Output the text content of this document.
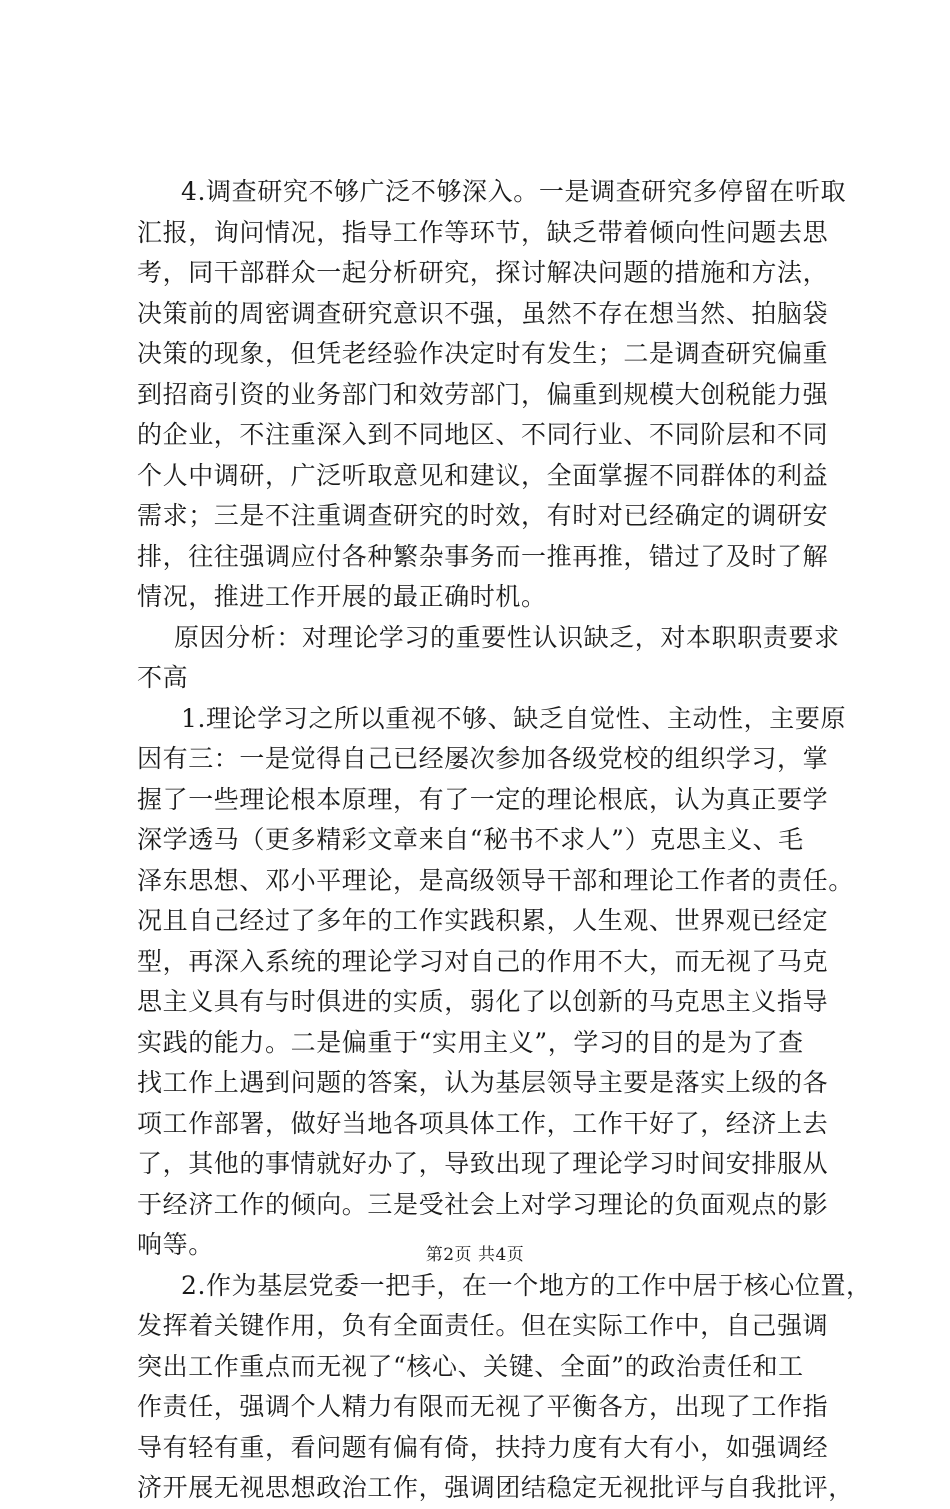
4.调查研究不够广泛不够深入。一是调查研究多停留在听取
汇报，询问情况，指导工作等环节，缺乏带着倾向性问题去思
考，同干部群众一起分析研究，探讨解决问题的措施和方法，
决策前的周密调查研究意识不强，虽然不存在想当然、拍脑袋
决策的现象，但凭老经验作决定时有发生；二是调查研究偏重
到招商引资的业务部门和效劳部门，偏重到规模大创税能力强
的企业，不注重深入到不同地区、不同行业、不同阶层和不同
个人中调研，广泛听取意见和建议，全面掌握不同群体的利益
需求；三是不注重调查研究的时效，有时对已经确定的调研安
排，往往强调应付各种繁杂事务而一推再推，错过了及时了解
情况，推进工作开展的最正确时机。
原因分析：对理论学习的重要性认识缺乏，对本职职责要求
不高
1.理论学习之所以重视不够、缺乏自觉性、主动性，主要原
因有三：一是觉得自己已经屡次参加各级党校的组织学习，掌
握了一些理论根本原理，有了一定的理论根底，认为真正要学
深学透马（更多精彩文章来自“秘书不求人”）克思主义、毛
泽东思想、邓小平理论，是高级领导干部和理论工作者的责任。
况且自己经过了多年的工作实践积累，人生观、世界观已经定
型，再深入系统的理论学习对自己的作用不大，而无视了马克
思主义具有与时俱进的实质，弱化了以创新的马克思主义指导
实践的能力。二是偏重于“实用主义”，学习的目的是为了查
找工作上遇到问题的答案，认为基层领导主要是落实上级的各
项工作部署，做好当地各项具体工作，工作干好了，经济上去
了，其他的事情就好办了，导致出现了理论学习时间安排服从
于经济工作的倾向。三是受社会上对学习理论的负面观点的影
响等。
2.作为基层党委一把手，在一个地方的工作中居于核心位置，
发挥着关键作用，负有全面责任。但在实际工作中，自己强调
突出工作重点而无视了“核心、关键、全面”的政治责任和工
作责任，强调个人精力有限而无视了平衡各方，出现了工作指
导有轻有重，看问题有偏有倚，扶持力度有大有小，如强调经
济开展无视思想政治工作，强调团结稳定无视批评与自我批评，
第2页 共4页
